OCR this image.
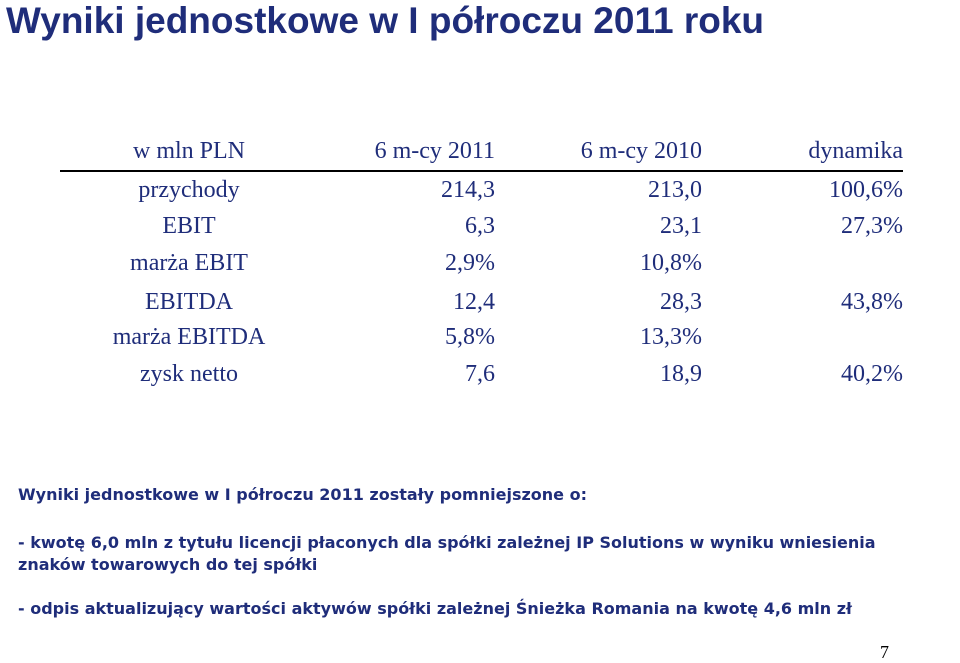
Wyniki jednostkowe w I półroczu 2011 roku
w mln PLN	6 m-cy 2011	6 m-cy 2010	dynamika
przychody	214,3	213,0	100,6%
EBIT	6,3	23,1	27,3%
marża EBIT	2,9%	10,8%	
EBITDA	12,4	28,3	43,8%
marża EBITDA	5,8%	13,3%	
zysk netto	7,6	18,9	40,2%

Wyniki jednostkowe w I półroczu 2011 zostały pomniejszone o:

- kwotę 6,0 mln z tytułu licencji płaconych dla spółki zależnej IP Solutions w wyniku wniesienia znaków towarowych do tej spółki

- odpis aktualizujący wartości aktywów spółki zależnej Śnieżka Romania na kwotę 4,6 mln zł

7
